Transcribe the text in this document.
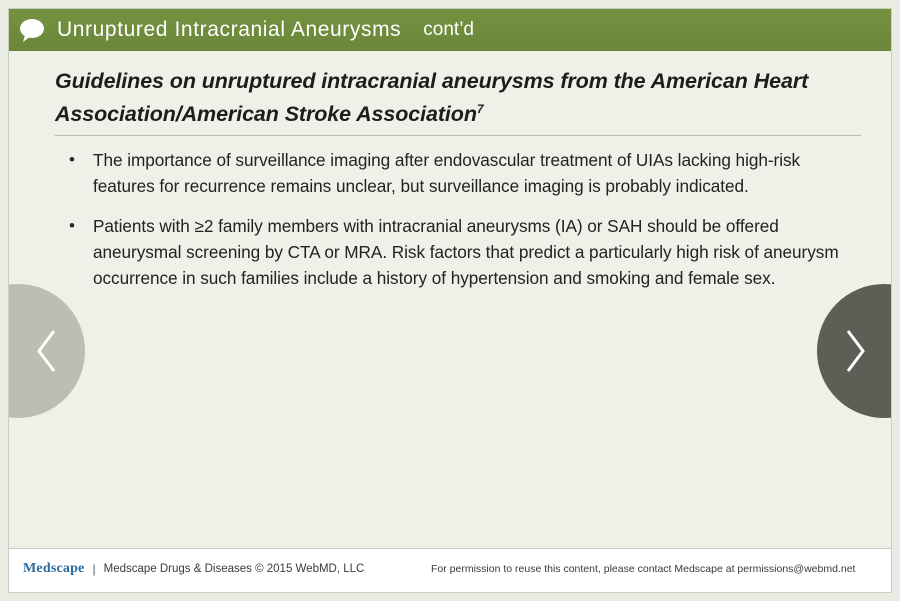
Unruptured Intracranial Aneurysms cont’d
Guidelines on unruptured intracranial aneurysms from the American Heart Association/American Stroke Association$^7$
•	The importance of surveillance imaging after endovascular treatment of UIAs lacking high-risk features for recurrence remains unclear, but surveillance imaging is probably indicated.
•	Patients with ≥2 family members with intracranial aneurysms (IA) or SAH should be offered aneurysmal screening by CTA or MRA. Risk factors that predict a particularly high risk of aneurysm occurrence in such families include a history of hypertension and smoking and female sex.
Medscape | Medscape Drugs & Diseases © 2015 WebMD, LLC	For permission to reuse this content, please contact Medscape at permissions@webmd.net
